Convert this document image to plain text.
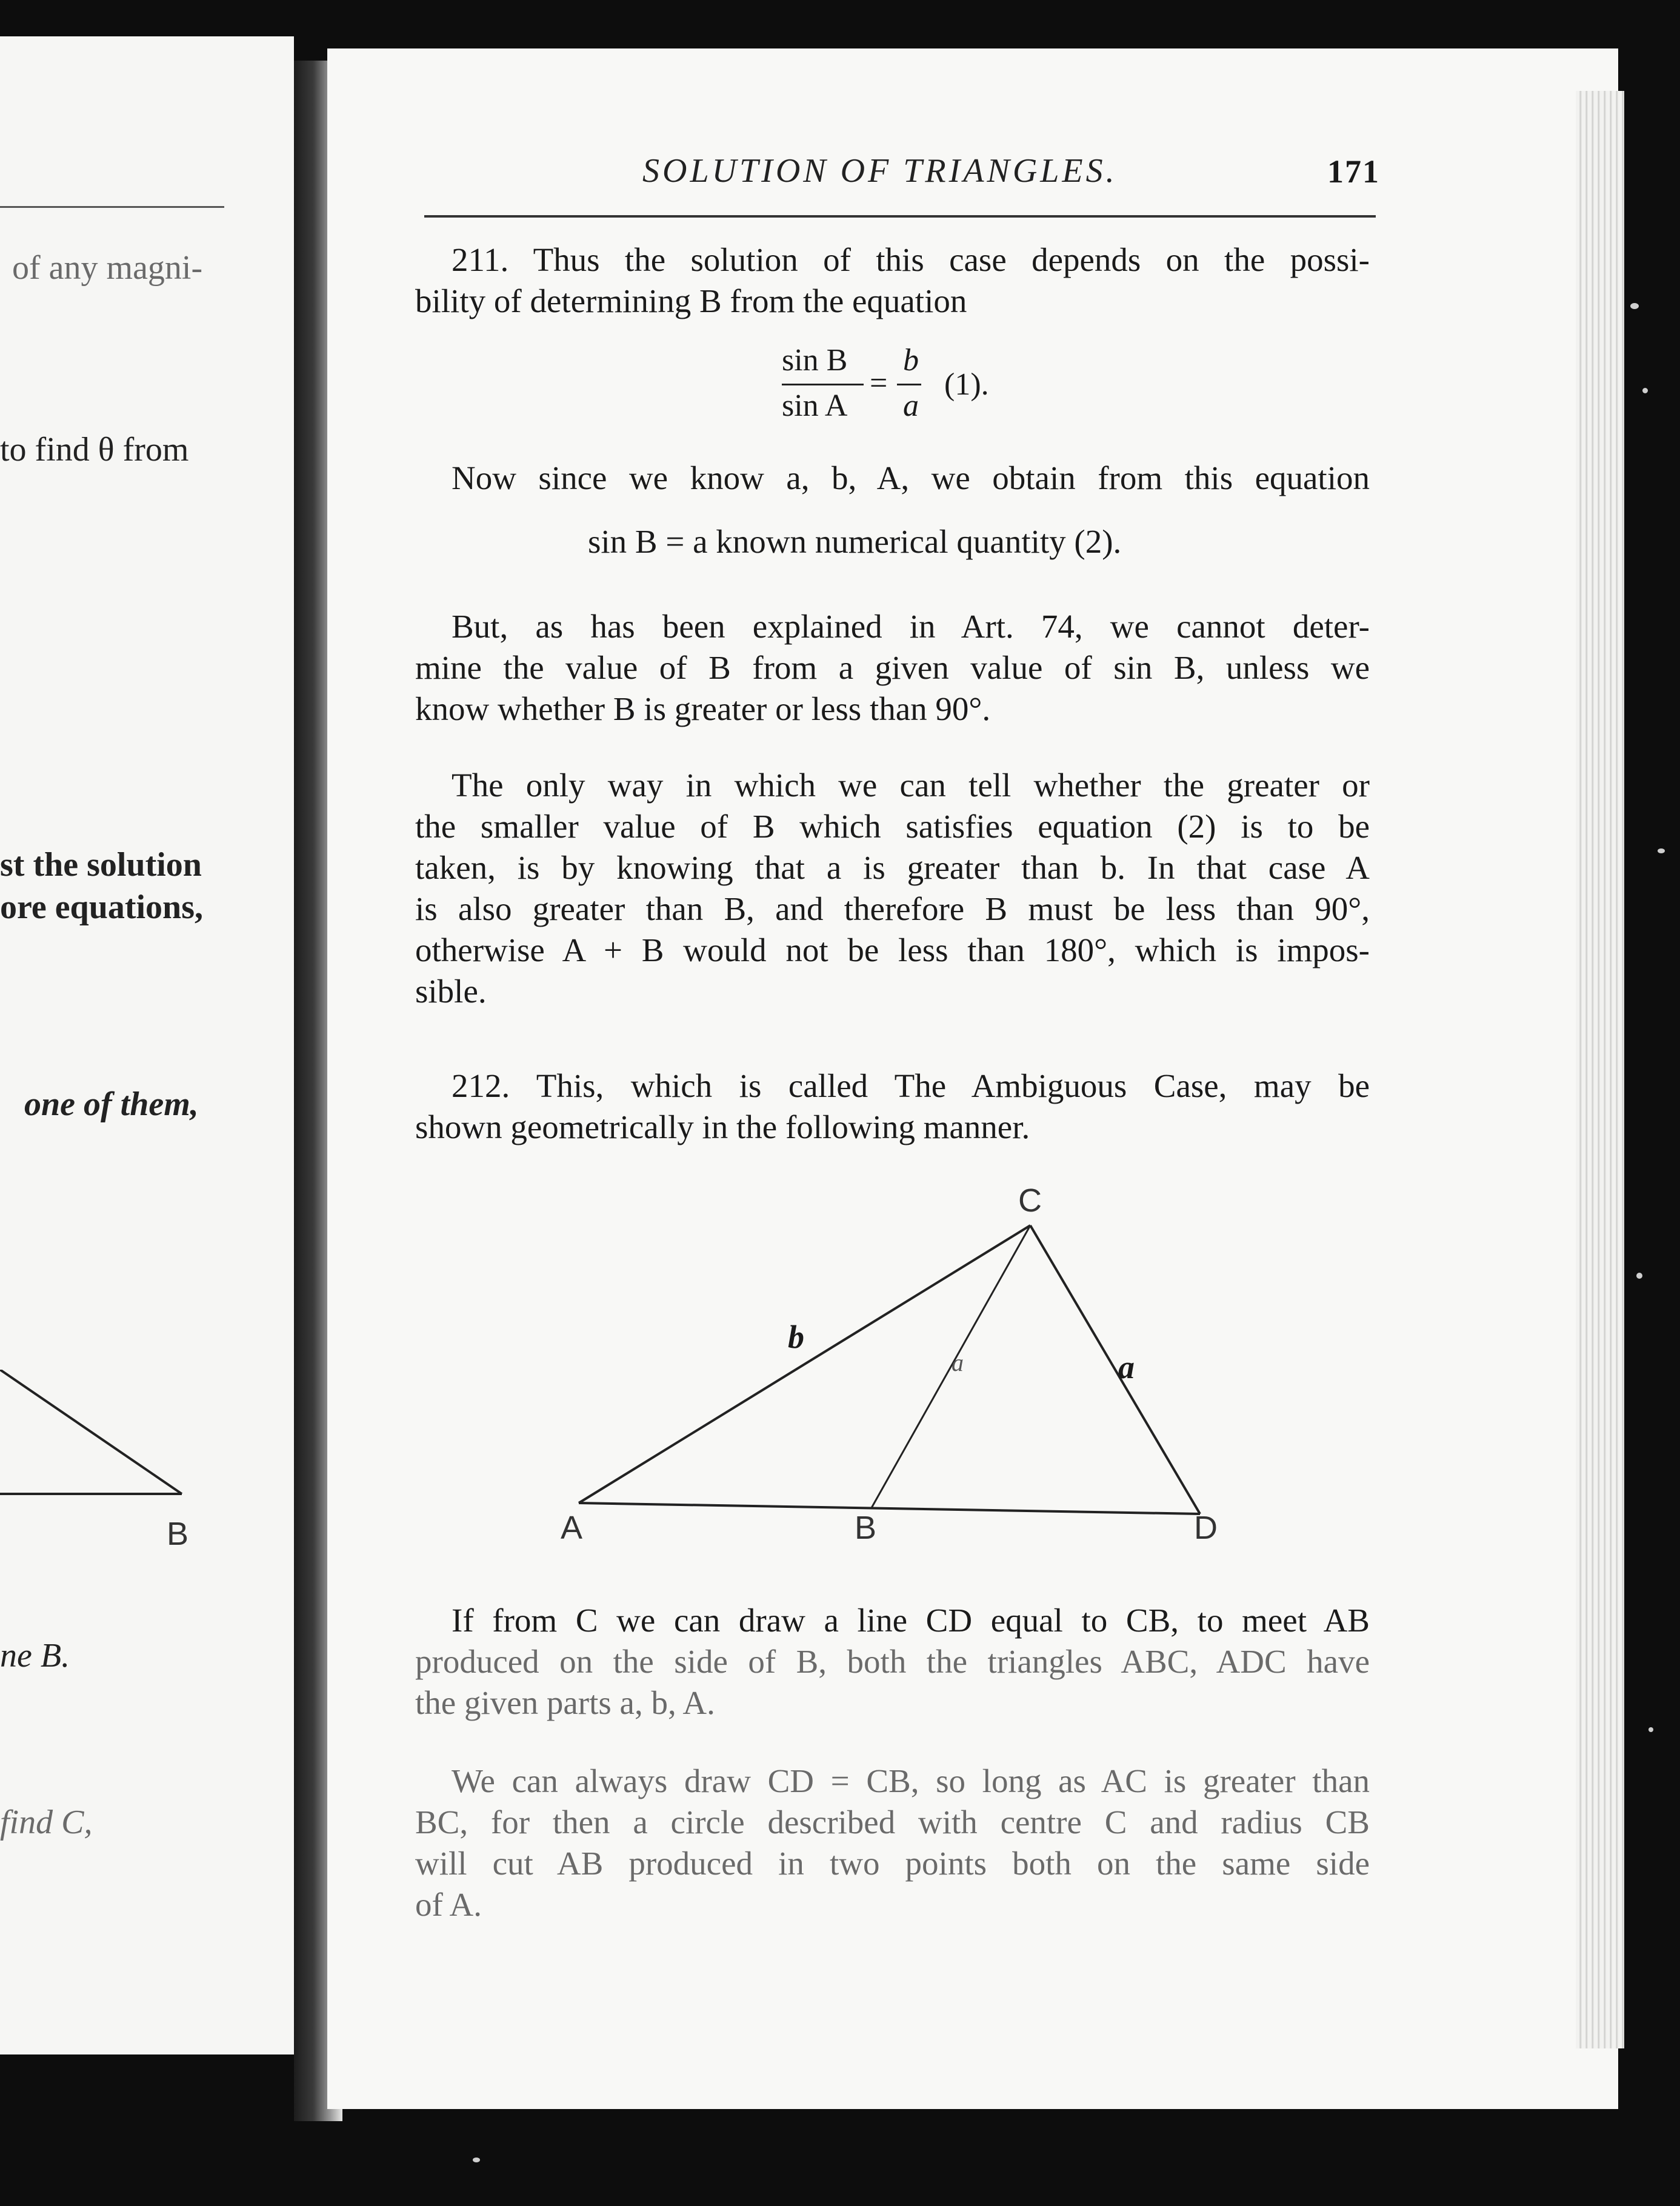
of any magni-
to find θ from
st the solution
ore equations,
one of them,
B
ne B.
find C,
SOLUTION OF TRIANGLES.	171
211. Thus the solution of this case depends on the possi-
bility of determining B from the equation
sin B
sin A
=
b
a
(1).
Now since we know a, b, A, we obtain from this equation
sin B = a known numerical quantity (2).
But, as has been explained in Art. 74, we cannot deter-
mine the value of B from a given value of sin B, unless we
know whether B is greater or less than 90°.
The only way in which we can tell whether the greater or
the smaller value of B which satisfies equation (2) is to be
taken, is by knowing that a is greater than b. In that case A
is also greater than B, and therefore B must be less than 90°,
otherwise A + B would not be less than 180°, which is impos-
sible.
212. This, which is called The Ambiguous Case, may be
shown geometrically in the following manner.
C
A	B	D
b
a	a
If from C we can draw a line CD equal to CB, to meet AB
produced on the side of B, both the triangles ABC, ADC have
the given parts a, b, A.
We can always draw CD = CB, so long as AC is greater than
BC, for then a circle described with centre C and radius CB
will cut AB produced in two points both on the same side
of A.
